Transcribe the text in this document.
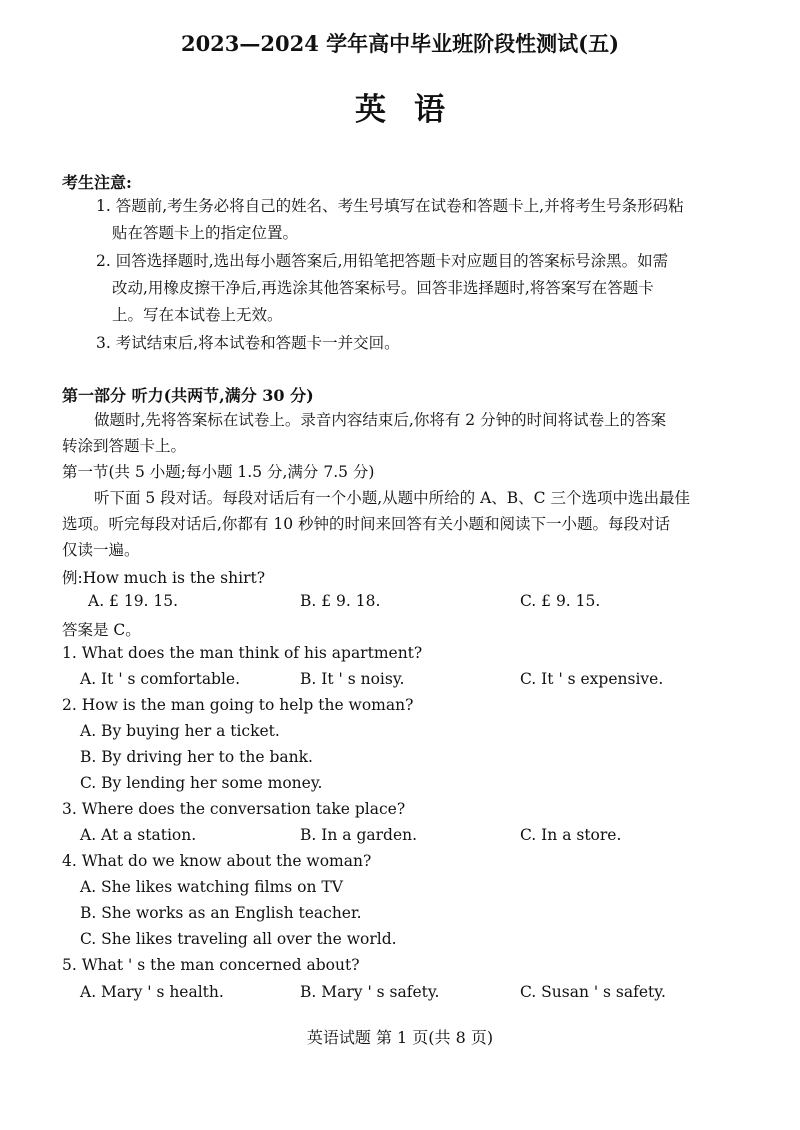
2023—2024 学年高中毕业班阶段性测试(五)
英语
考生注意:
1. 答题前,考生务必将自己的姓名、考生号填写在试卷和答题卡上,并将考生号条形码粘
贴在答题卡上的指定位置。
2. 回答选择题时,选出每小题答案后,用铅笔把答题卡对应题目的答案标号涂黑。如需
改动,用橡皮擦干净后,再选涂其他答案标号。回答非选择题时,将答案写在答题卡
上。写在本试卷上无效。
3. 考试结束后,将本试卷和答题卡一并交回。
第一部分 听力(共两节,满分 30 分)
做题时,先将答案标在试卷上。录音内容结束后,你将有 2 分钟的时间将试卷上的答案
转涂到答题卡上。
第一节(共 5 小题;每小题 1.5 分,满分 7.5 分)
听下面 5 段对话。每段对话后有一个小题,从题中所给的 A、B、C 三个选项中选出最佳
选项。听完每段对话后,你都有 10 秒钟的时间来回答有关小题和阅读下一小题。每段对话
仅读一遍。
例:How much is the shirt?
A. £ 19. 15.	B. £ 9. 18.	C. £ 9. 15.
答案是 C。
1. What does the man think of his apartment?
A. It ' s comfortable.	B. It ' s noisy.	C. It ' s expensive.
2. How is the man going to help the woman?
A. By buying her a ticket.
B. By driving her to the bank.
C. By lending her some money.
3. Where does the conversation take place?
A. At a station.	B. In a garden.	C. In a store.
4. What do we know about the woman?
A. She likes watching films on TV
B. She works as an English teacher.
C. She likes traveling all over the world.
5. What ' s the man concerned about?
A. Mary ' s health.	B. Mary ' s safety.	C. Susan ' s safety.
英语试题 第 1 页(共 8 页)
